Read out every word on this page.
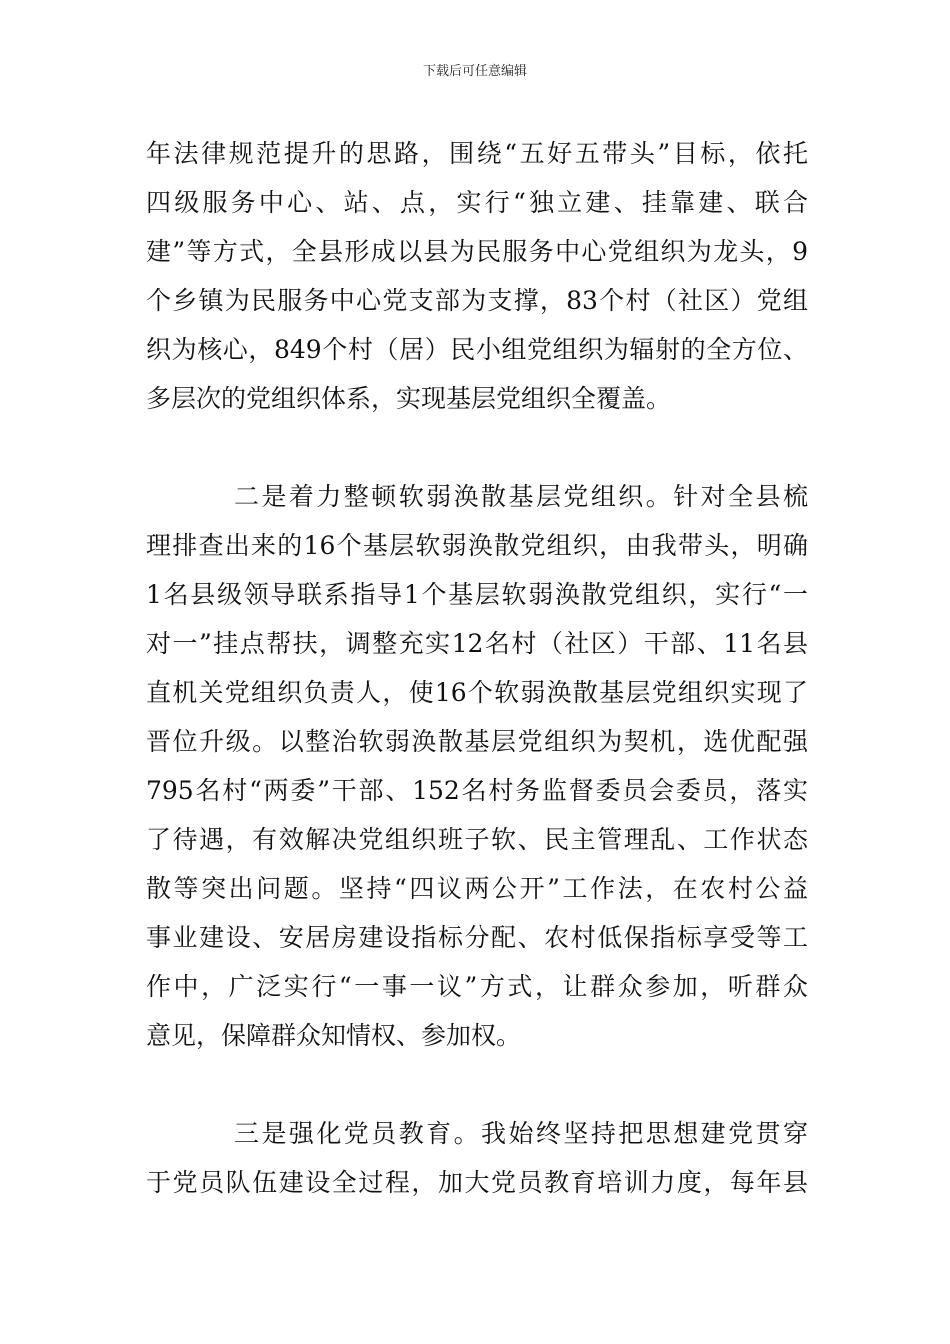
下载后可任意编辑
年法律规范提升的思路，围绕“五好五带头”目标，依托
四级服务中心、站、点，实行“独立建、挂靠建、联合
建”等方式，全县形成以县为民服务中心党组织为龙头，9
个乡镇为民服务中心党支部为支撑，83个村（社区）党组
织为核心，849个村（居）民小组党组织为辐射的全方位、
多层次的党组织体系，实现基层党组织全覆盖。
二是着力整顿软弱涣散基层党组织。针对全县梳
理排查出来的16个基层软弱涣散党组织，由我带头，明确
1名县级领导联系指导1个基层软弱涣散党组织，实行“一
对一”挂点帮扶，调整充实12名村（社区）干部、11名县
直机关党组织负责人，使16个软弱涣散基层党组织实现了
晋位升级。以整治软弱涣散基层党组织为契机，选优配强
795名村“两委”干部、152名村务监督委员会委员，落实
了待遇，有效解决党组织班子软、民主管理乱、工作状态
散等突出问题。坚持“四议两公开”工作法，在农村公益
事业建设、安居房建设指标分配、农村低保指标享受等工
作中，广泛实行“一事一议”方式，让群众参加，听群众
意见，保障群众知情权、参加权。
三是强化党员教育。我始终坚持把思想建党贯穿
于党员队伍建设全过程，加大党员教育培训力度，每年县
